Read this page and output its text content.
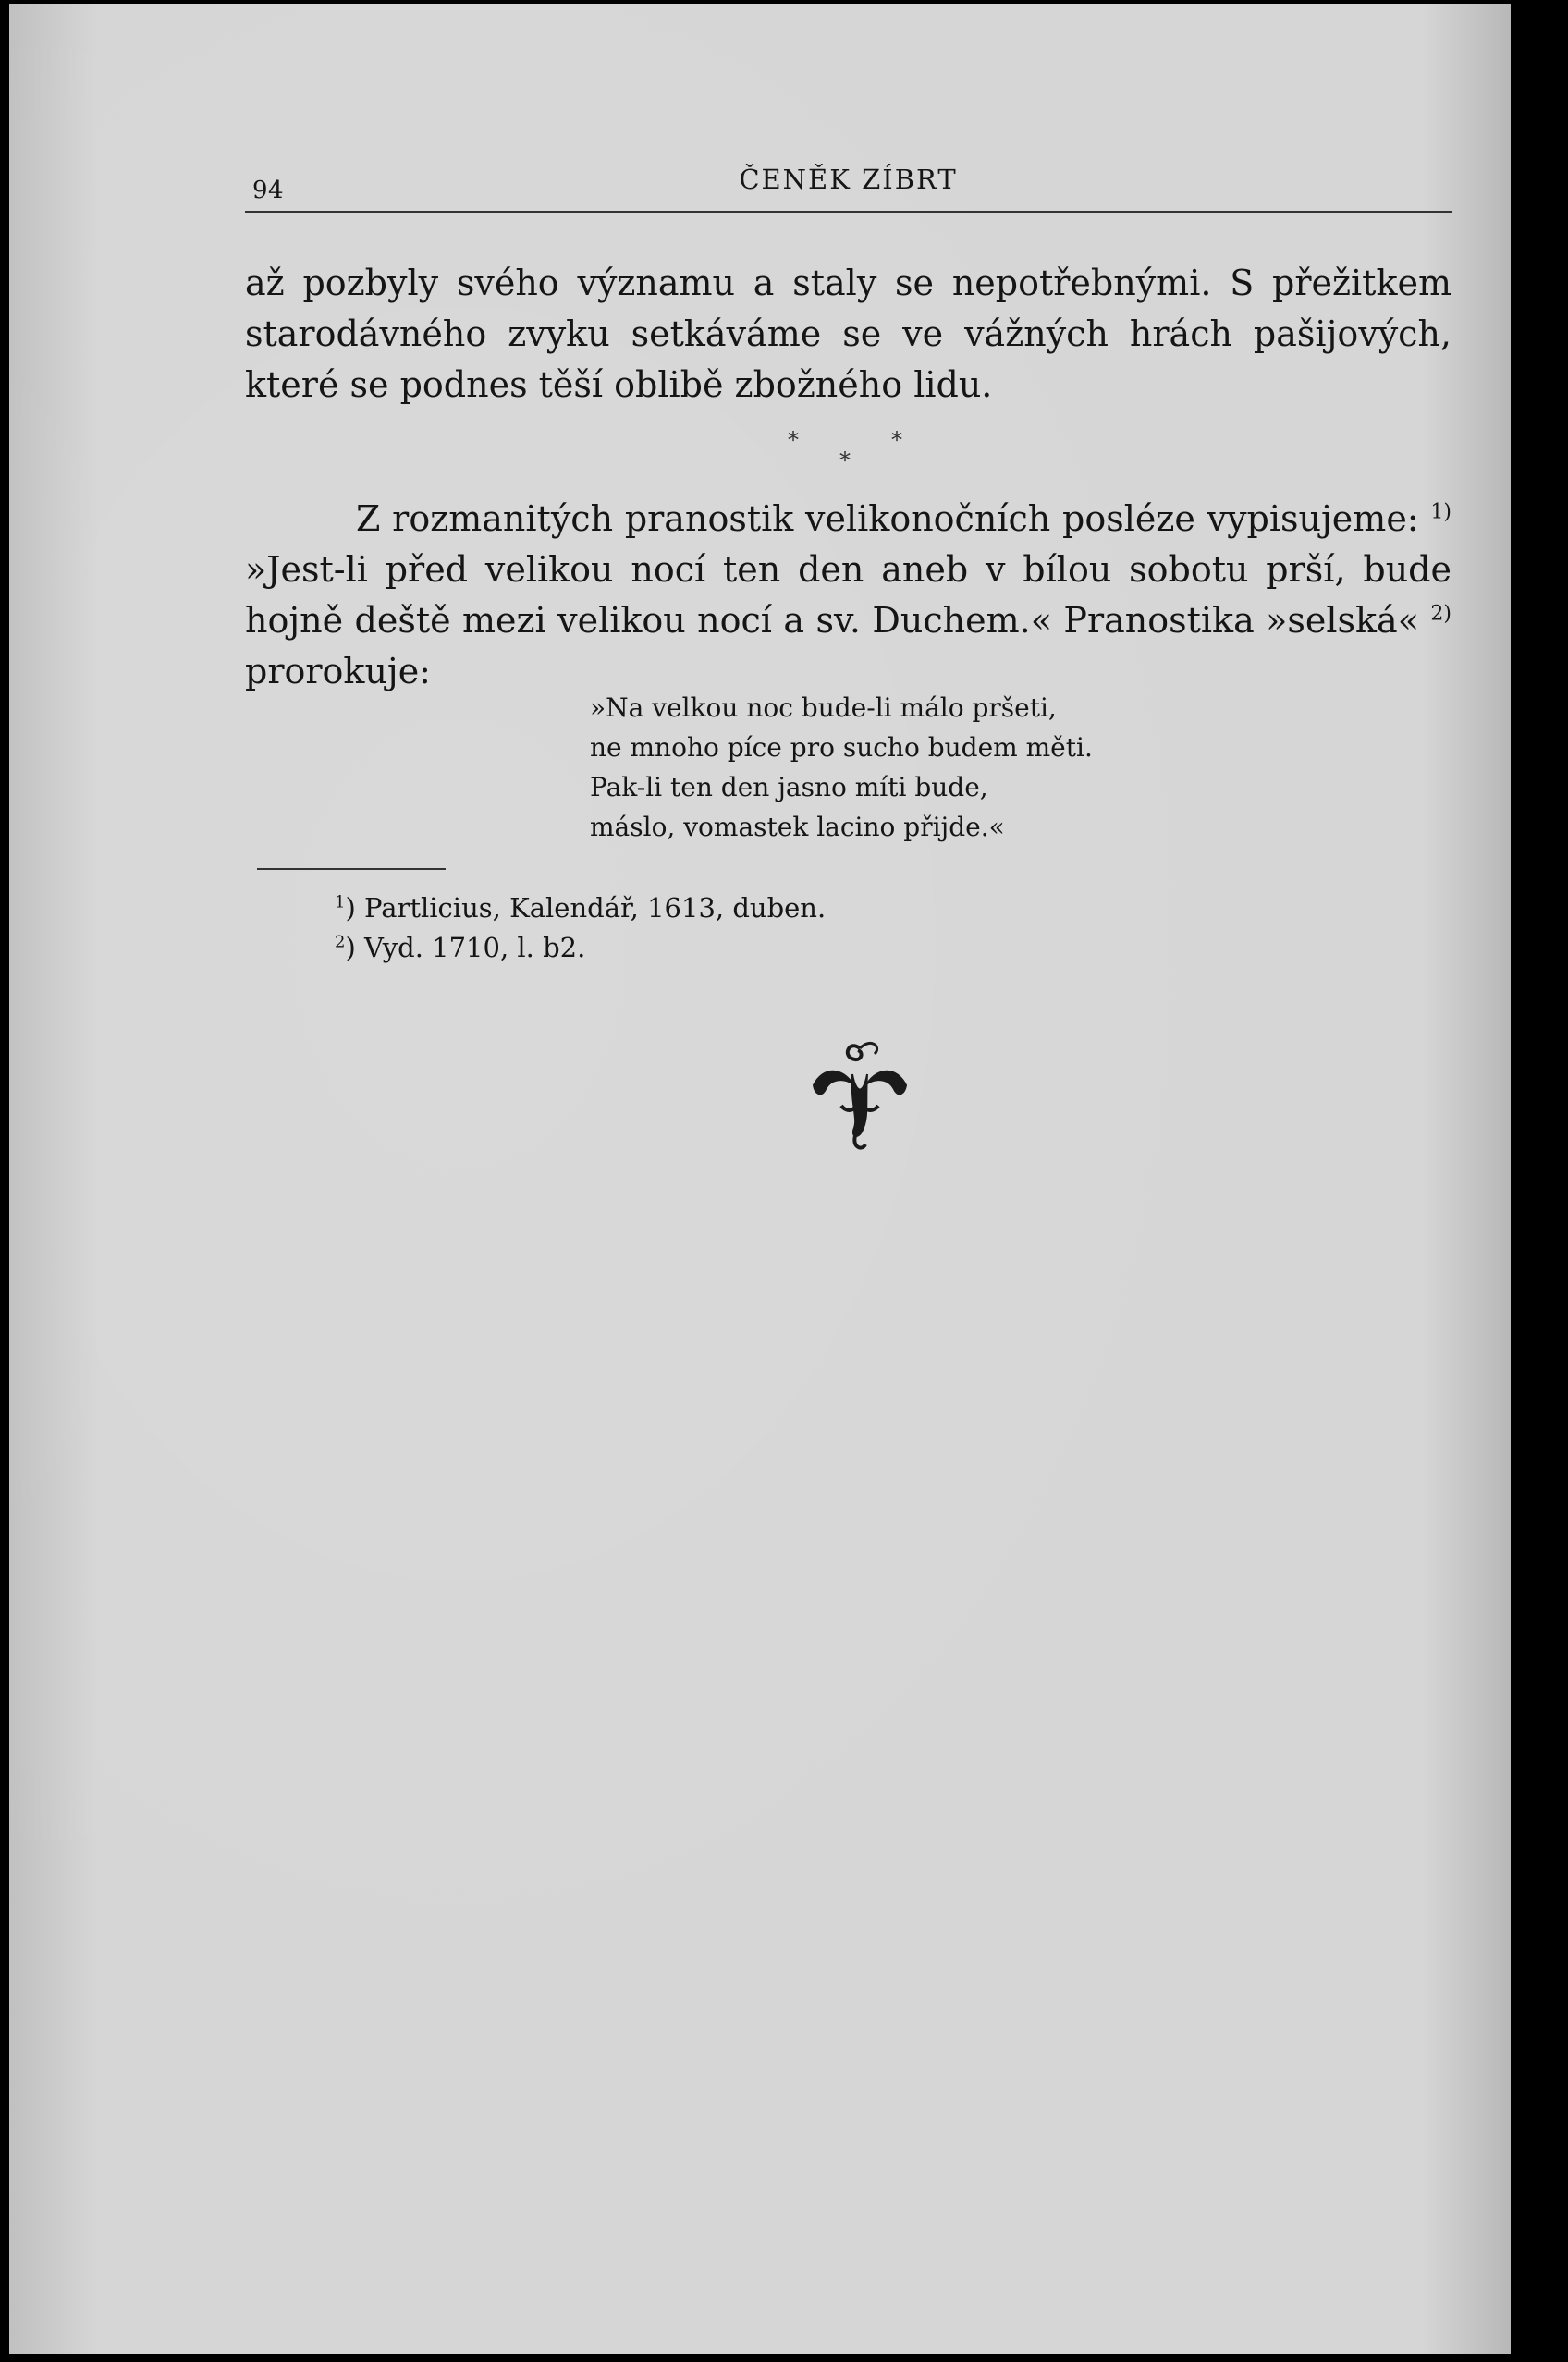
94	ČENĚK ZÍBRT
až pozbyly svého významu a staly se nepotřebnými. S přežitkem
starodávného zvyku setkáváme se ve vážných hrách pašijových,
které se podnes těší oblibě zbožného lidu.
*
*
*
Z rozmanitých pranostik velikonočních posléze vypisujeme: $^{1)}$
»Jest-li před velikou nocí ten den aneb v bílou sobotu prší, bude
hojně deště mezi velikou nocí a sv. Duchem.« Pranostika »selská« $^{2)}$
prorokuje:
»Na velkou noc bude-li málo pršeti,
ne mnoho píce pro sucho budem měti.
Pak-li ten den jasno míti bude,
máslo, vomastek lacino přijde.«
$^1$) Partlicius, Kalendář, 1613, duben.
$^2$) Vyd. 1710, l. b2.
